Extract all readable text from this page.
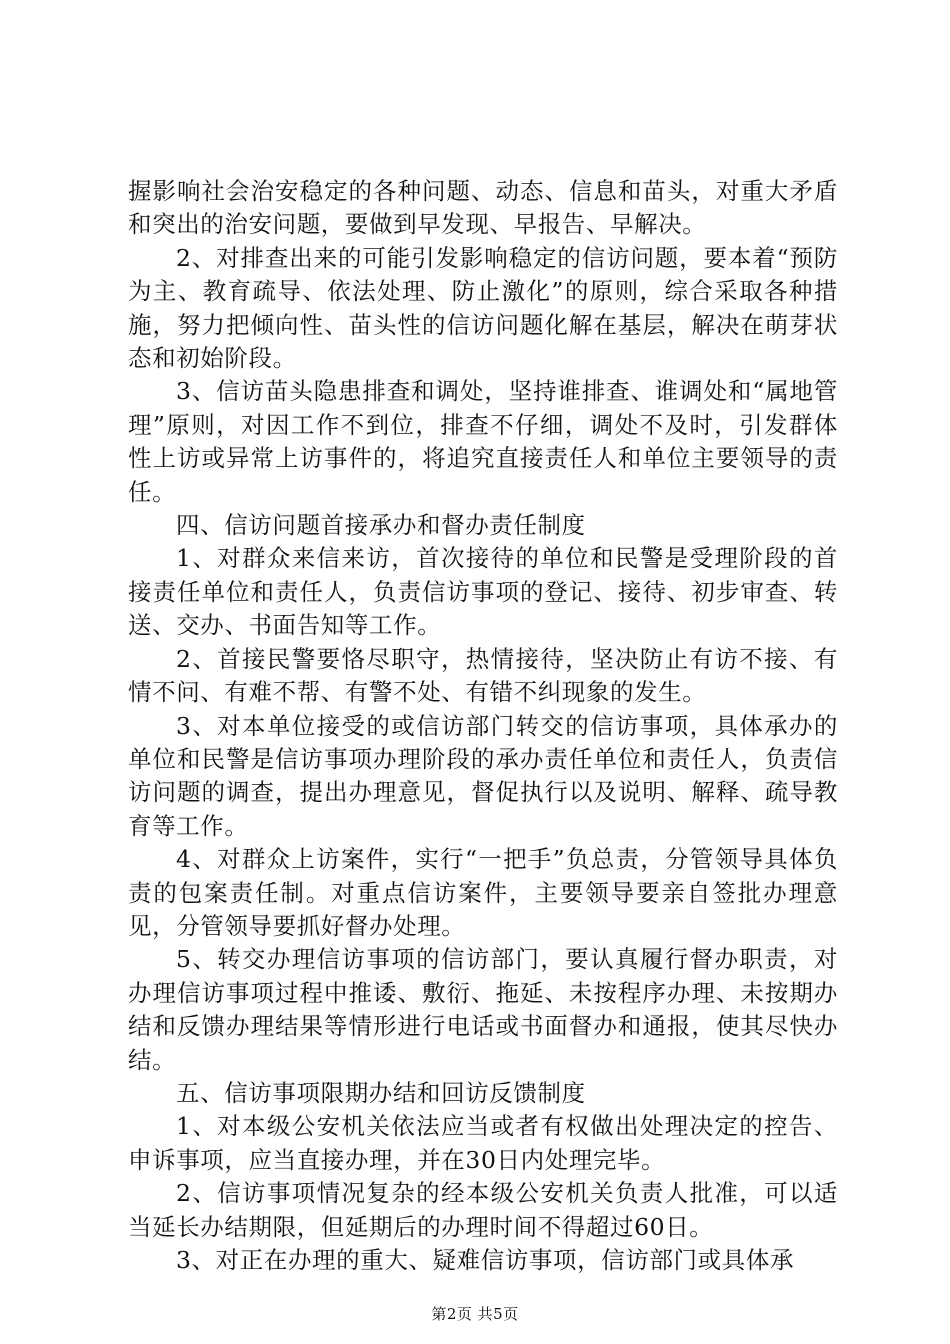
握影响社会治安稳定的各种问题、动态、信息和苗头，对重大矛盾和突出的治安问题，要做到早发现、早报告、早解决。

2、对排查出来的可能引发影响稳定的信访问题，要本着“预防为主、教育疏导、依法处理、防止激化”的原则，综合采取各种措施，努力把倾向性、苗头性的信访问题化解在基层，解决在萌芽状态和初始阶段。

3、信访苗头隐患排查和调处，坚持谁排查、谁调处和“属地管理”原则，对因工作不到位，排查不仔细，调处不及时，引发群体性上访或异常上访事件的，将追究直接责任人和单位主要领导的责任。

四、信访问题首接承办和督办责任制度

1、对群众来信来访，首次接待的单位和民警是受理阶段的首接责任单位和责任人，负责信访事项的登记、接待、初步审查、转送、交办、书面告知等工作。

2、首接民警要恪尽职守，热情接待，坚决防止有访不接、有情不问、有难不帮、有警不处、有错不纠现象的发生。

3、对本单位接受的或信访部门转交的信访事项，具体承办的单位和民警是信访事项办理阶段的承办责任单位和责任人，负责信访问题的调查，提出办理意见，督促执行以及说明、解释、疏导教育等工作。

4、对群众上访案件，实行“一把手”负总责，分管领导具体负责的包案责任制。对重点信访案件，主要领导要亲自签批办理意见，分管领导要抓好督办处理。

5、转交办理信访事项的信访部门，要认真履行督办职责，对办理信访事项过程中推诿、敷衍、拖延、未按程序办理、未按期办结和反馈办理结果等情形进行电话或书面督办和通报，使其尽快办结。

五、信访事项限期办结和回访反馈制度

1、对本级公安机关依法应当或者有权做出处理决定的控告、申诉事项，应当直接办理，并在30日内处理完毕。

2、信访事项情况复杂的经本级公安机关负责人批准，可以适当延长办结期限，但延期后的办理时间不得超过60日。

3、对正在办理的重大、疑难信访事项，信访部门或具体承

第2页 共5页
